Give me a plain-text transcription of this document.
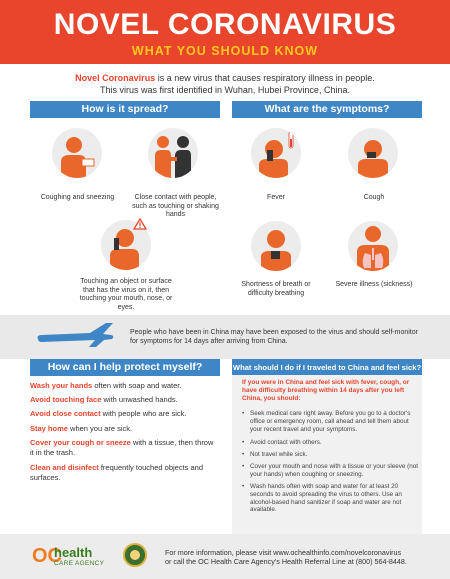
NOVEL CORONAVIRUS
WHAT YOU SHOULD KNOW
Novel Coronavirus is a new virus that causes respiratory illness in people.
This virus was first identified in Wuhan, Hubei Province, China.
How is it spread?	What are the symptoms?
Coughing and sneezing	Close contact with people, such as touching or shaking hands
Touching an object or surface that has the virus on it, then touching your mouth, nose, or eyes.
Fever	Cough
Shortness of breath or difficulty breathing
Severe illness (sickness)
People who have been in China may have been exposed to the virus and should self-monitor for symptoms for 14 days after arriving from China.
How can I help protect myself?
Wash your hands often with soap and water.
Avoid touching face with unwashed hands.
Avoid close contact with people who are sick.
Stay home when you are sick.
Cover your cough or sneeze with a tissue, then throw it in the trash.
Clean and disinfect frequently touched objects and surfaces.
What should I do if I traveled to China and feel sick?
If you were in China and feel sick with fever, cough, or have difficulty breathing within 14 days after you left China, you should:
• Seek medical care right away. Before you go to a doctor's office or emergency room, call ahead and tell them about your recent travel and your symptoms.
• Avoid contact with others.
• Not travel while sick.
• Cover your mouth and nose with a tissue or your sleeve (not your hands) when coughing or sneezing.
• Wash hands often with soap and water for at least 20 seconds to avoid spreading the virus to others. Use an alcohol-based hand sanitizer if soap and water are not available.
OC
health
CARE AGENCY
For more information, please visit www.ochealthinfo.com/novelcoronavirus
or call the OC Health Care Agency's Health Referral Line at (800) 564-8448.
